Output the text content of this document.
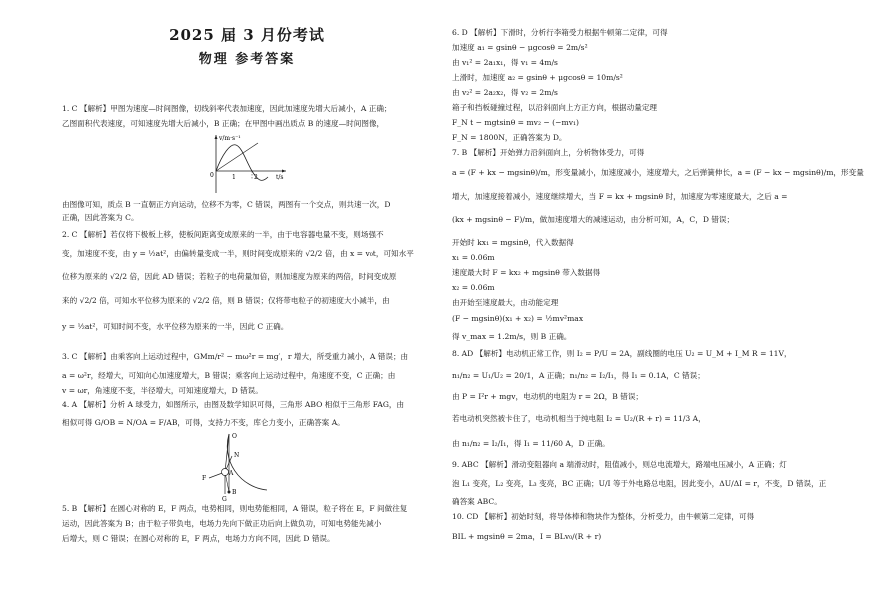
2025 届 3 月份考试
物理 参考答案
1. C 【解析】甲图为速度—时间图像，切线斜率代表加速度，因此加速度先增大后减小，A 正确；
乙图面积代表速度，可知速度先增大后减小，B 正确；在甲图中画出质点 B 的速度—时间图像，
v/m·s⁻¹
t/s
0	1	2
由图像可知，质点 B 一直朝正方向运动，位移不为零，C 错误，两图有一个交点，则共速一次，D
正确，因此答案为 C。
2. C 【解析】若仅将下极板上移，使板间距离变成原来的一半，由于电容器电量不变，则场强不
变，加速度不变，由 y = ½at²，由偏转量变成一半，则时间变成原来的 √2/2 倍，由 x = v₀t，可知水平
位移为原来的 √2/2 倍，因此 AD 错误；若粒子的电荷量加倍，则加速度为原来的两倍，时间变成原
来的 √2/2 倍，可知水平位移为原来的 √2/2 倍，则 B 错误；仅将带电粒子的初速度大小减半，由
y = ½at²，可知时间不变，水平位移为原来的一半，因此 C 正确。
3. C 【解析】由乘客向上运动过程中，GMm/r² − mω²r = mg′，r 增大，所受重力减小，A 错误；由
a = ω²r，经增大，可知向心加速度增大，B 错误；乘客向上运动过程中，角速度不变，C 正确；由
v = ωr，角速度不变，半径增大，可知速度增大，D 错误。
4. A 【解析】分析 A 球受力，如图所示，由图及数学知识可得，三角形 ABO 相似于三角形 FAG，由
相似可得 G/OB = N/OA = F/AB，可得，支持力不变，库仑力变小，正确答案 A。
O
A
B
N
F
G
5. B 【解析】在圆心对称的 E，F 两点，电势相同，则电势能相同，A 错误，粒子将在 E，F 间做往复
运动，因此答案为 B；由于粒子带负电，电场力先向下做正功后向上做负功，可知电势能先减小
后增大，则 C 错误；在圆心对称的 E，F 两点，电场力方向不同，因此 D 错误。
6. D 【解析】下滑时，分析行李箱受力根据牛顿第二定律，可得
加速度 a₁ = gsinθ − μgcosθ = 2m/s²
由 v₁² = 2a₁x₁，得 v₁ = 4m/s
上滑时，加速度 a₂ = gsinθ + μgcosθ = 10m/s²
由 v₂² = 2a₂x₂，得 v₂ = 2m/s
箱子和挡板碰撞过程，以沿斜面向上方正方向，根据动量定理
F_N t − mgtsinθ = mv₂ − (−mv₁)
F_N = 1800N，正确答案为 D。
7. B 【解析】开始弹力沿斜面向上，分析物体受力，可得
a = (F + kx − mgsinθ)/m，形变量减小，加速度减小，速度增大，之后弹簧伸长，a = (F − kx − mgsinθ)/m，形变量
增大，加速度接着减小，速度继续增大，当 F = kx + mgsinθ 时，加速度为零速度最大，之后 a =
(kx + mgsinθ − F)/m，做加速度增大的减速运动，由分析可知，A，C，D 错误；
开始时 kx₁ = mgsinθ，代入数据得
x₁ = 0.06m
速度最大时 F = kx₂ + mgsinθ 带入数据得
x₂ = 0.06m
由开始至速度最大，由动能定理
(F − mgsinθ)(x₁ + x₂) = ½mv²max
得 v_max = 1.2m/s，则 B 正确。
8. AD 【解析】电动机正常工作，则 I₂ = P/U = 2A，副线圈的电压 U₂ = U_M + I_M R = 11V，
n₁/n₂ = U₁/U₂ = 20/1，A 正确；n₁/n₂ = I₂/I₁，得 I₁ = 0.1A，C 错误；
由 P = I²r + mgv，电动机的电阻为 r = 2Ω，B 错误；
若电动机突然被卡住了，电动机相当于纯电阻 I₂ = U₂/(R + r) = 11/3 A，
由 n₁/n₂ = I₂/I₁，得 I₁ = 11/60 A，D 正确。
9. ABC 【解析】滑动变阻器向 a 端滑动时，阻值减小，则总电流增大，路端电压减小，A 正确；灯
泡 L₁ 变亮，L₂ 变亮，L₃ 变亮，BC 正确；U/I 等于外电路总电阻，因此变小，ΔU/ΔI = r，不变，D 错误，正
确答案 ABC。
10. CD 【解析】初始时刻，将导体棒和物块作为整体，分析受力，由牛顿第二定律，可得
BIL + mgsinθ = 2ma，I = BLv₀/(R + r)
